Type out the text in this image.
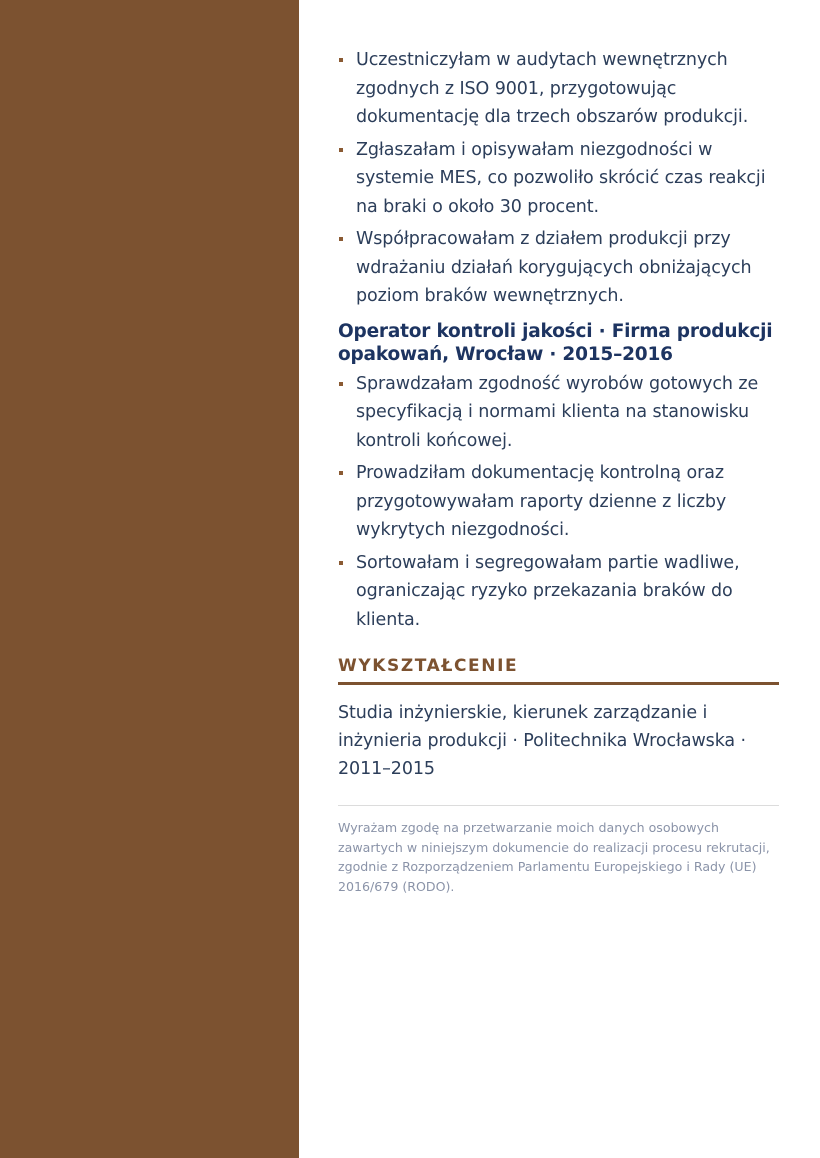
Uczestniczyłam w audytach wewnętrznych zgodnych z ISO 9001, przygotowując dokumentację dla trzech obszarów produkcji.
Zgłaszałam i opisywałam niezgodności w systemie MES, co pozwoliło skrócić czas reakcji na braki o około 30 procent.
Współpracowałam z działem produkcji przy wdrażaniu działań korygujących obniżających poziom braków wewnętrznych.
Operator kontroli jakości · Firma produkcji opakowań, Wrocław · 2015–2016
Sprawdzałam zgodność wyrobów gotowych ze specyfikacją i normami klienta na stanowisku kontroli końcowej.
Prowadziłam dokumentację kontrolną oraz przygotowywałam raporty dzienne z liczby wykrytych niezgodności.
Sortowałam i segregowałam partie wadliwe, ograniczając ryzyko przekazania braków do klienta.
WYKSZTAŁCENIE
Studia inżynierskie, kierunek zarządzanie i inżynieria produkcji · Politechnika Wrocławska · 2011–2015
Wyrażam zgodę na przetwarzanie moich danych osobowych zawartych w niniejszym dokumencie do realizacji procesu rekrutacji, zgodnie z Rozporządzeniem Parlamentu Europejskiego i Rady (UE) 2016/679 (RODO).
